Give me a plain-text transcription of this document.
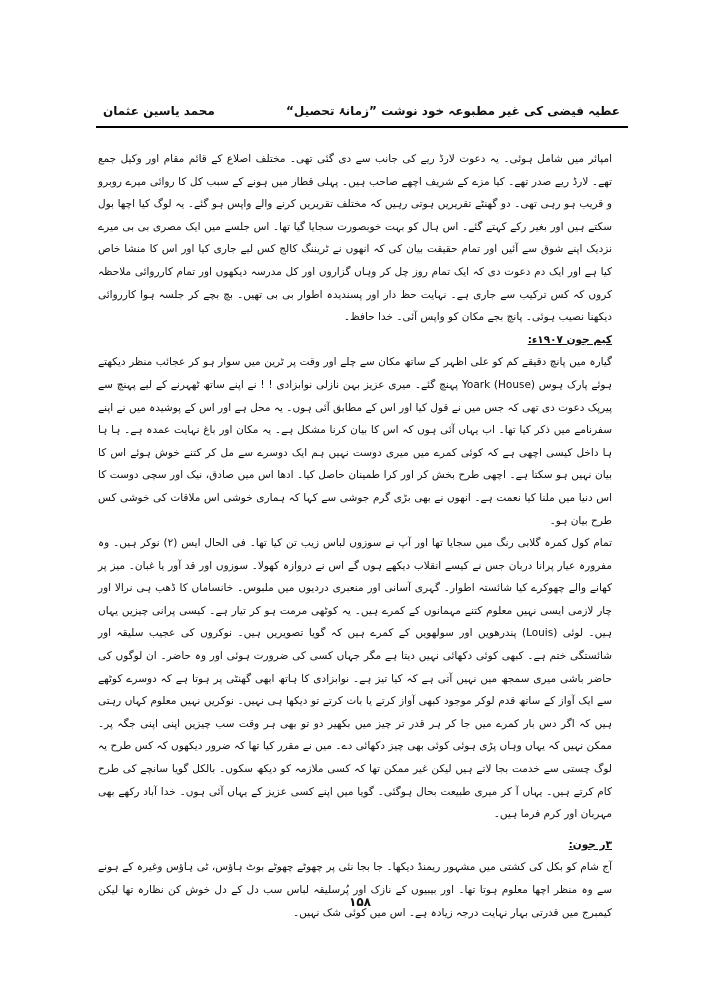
محمد یاسین عثمان	عطیہ فیضی کی غیر مطبوعہ خود نوشت ”زمانۂ تحصیل“

امپائر میں شامل ہوئی۔ یہ دعوت لارڈ ریے کی جانب سے دی گئی تھی۔ مختلف اصلاع کے قائم مقام اور وکیل جمع تھے۔ لارڈ ریے صدر تھے۔ کیا مزے کے شریف اچھے صاحب ہیں۔ پہلی قطار میں ہونے کے سبب کل کا روائی میرے روبرو و قریب ہو رہی تھی۔ دو گھنٹے تقریریں ہوتی رہیں کہ مختلف تقریریں کرنے والے واپس ہو گئے۔ یہ لوگ کیا اچھا بول سکتے ہیں اور بغیر رکے کہتے گئے۔ اس ہال کو بہت خوبصورت سجایا گیا تھا۔ اس جلسے میں ایک مصری بی بی میرے نزدیک اپنے شوق سے آئیں اور تمام حقیقت بیان کی کہ انھوں نے ٹریننگ کالج کس لیے جاری کیا اور اس کا منشا خاص کیا ہے اور ایک دم دعوت دی کہ ایک تمام روز چل کر وہاں گزاروں اور کل مدرسہ دیکھوں اور تمام کارروائی ملاحظہ کروں کہ کس ترکیب سے جاری ہے۔ نہایت حظ دار اور پسندیدہ اطوار بی بی تھیں۔ بچ بچے کر جلسہ ہوا کارروائی دیکھنا نصیب ہوئی۔ پانچ بجے مکان کو واپس آئی۔ خدا حافظ۔

کیم جون ۱۹۰۷ء:

گیارہ میں پانچ دقیقے کم کو علی اظہر کے ساتھ مکان سے چلے اور وقت پر ٹرین میں سوار ہو کر عجائب منظر دیکھتے ہوئے پارک ہوس Yoark (House) پہنچ گئے۔ میری عزیز بہن نازلی نوابزادی ! ! نے اپنے ساتھ ٹھہرنے کے لیے پہنچ سے پیرپک دعوت دی تھی کہ جس میں نے قول کیا اور اس کے مطابق آئی ہوں۔ یہ محل ہے اور اس کے پوشیدہ میں نے اپنے سفرنامے میں ذکر کیا تھا۔ اب یہاں آئی ہوں کہ اس کا بیان کرنا مشکل ہے۔ یہ مکان اور باغ نہایت عمدہ ہے۔ ہا ہا ہا داخل کیسی اچھی ہے کہ کوئی کمرے میں میری دوست نہیں ہم ایک دوسرے سے مل کر کتنے خوش ہوئے اس کا بیان نہیں ہو سکتا ہے۔ اچھی طرح بخش کر اور کرا طمینان حاصل کیا۔ ادھا اس میں صادق، نیک اور سچی دوست کا اس دنیا میں ملنا کیا نعمت ہے۔ انھوں نے بھی بڑی گرم جوشی سے کہا کہ ہماری خوشی اس ملاقات کی خوشی کس طرح بیان ہو۔

تمام کول کمرہ گلابی رنگ میں سجایا تھا اور آپ نے سوزوں لباس زیب تن کیا تھا۔ فی الحال ایس (۲) نوکر ہیں۔ وہ مفرورہ عیار پرانا دربان جس نے کیسے انقلاب دیکھے ہوں گے اس نے دروازہ کھولا۔ سوزوں اور قد آور یا غبان۔ میز پر کھانے والے چھوکرے کیا شائستہ اطوار۔ گہری آسانی اور منعبری دردیوں میں ملبوس۔ خانساماں کا ڈھب ہی نرالا اور چار لازمی ایسی نہیں معلوم کتنے مہمانوں کے کمرے ہیں۔ یہ کوٹھی مرمت ہو کر تیار ہے۔ کیسی پرانی چیزیں یہاں ہیں۔ لوئی (Louis) پندرھویں اور سولھویں کے کمرے ہیں کہ گویا تصویریں ہیں۔ نوکروں کی عجیب سلیقہ اور شائستگی ختم ہے۔ کبھی کوئی دکھائی نہیں دیتا ہے مگر جہاں کسی کی ضرورت ہوئی اور وہ حاضر۔ ان لوگوں کی حاضر باشی میری سمجھ میں نہیں آتی ہے کہ کیا تیز ہے۔ نوابزادی کا ہاتھ ابھی گھنٹی پر ہوتا ہے کہ دوسرے کوٹھے سے ایک آواز کے ساتھ قدم لوکر موجود کبھی آواز کرتے یا بات کرتے تو دیکھا ہی نہیں۔ نوکریں نہیں معلوم کہاں رہتی ہیں کہ اگر دس بار کمرے میں جا کر ہر قدر تر چیز میں بکھیر دو تو بھی ہر وقت سب چیزیں اپنی اپنی جگہ پر۔ ممکن نہیں کہ یہاں وہاں پڑی ہوئی کوئی بھی چیز دکھائی دے۔ میں نے مقرر کیا تھا کہ ضرور دیکھوں کہ کس طرح یہ لوگ چستی سے خدمت بجا لاتے ہیں لیکن غیر ممکن تھا کہ کسی ملازمہ کو دیکھ سکوں۔ بالکل گویا سانچے کی طرح کام کرتے ہیں۔ یہاں آ کر میری طبیعت بحال ہوگئی۔ گویا میں اپنے کسی عزیز کے یہاں آئی ہوں۔ خدا آباد رکھے بھی مہربان اور کرم فرما ہیں۔

۳ر جون:

آج شام کو بکل کی کشتی میں مشہور ریمنڈ دیکھا۔ جا بجا نئی پر چھوٹے چھوٹے بوٹ ہاؤس، ٹی ہاؤس وغیرہ کے ہونے سے وہ منظر اچھا معلوم ہوتا تھا۔ اور بیبیوں کے نازک اور پُرسلیقہ لباس سب دل کے دل خوش کن نظارہ تھا لیکن کیمبرج میں قدرتی بہار نہایت درجہ زیادہ ہے۔ اس میں کوئی شک نہیں۔

۱۵۸
